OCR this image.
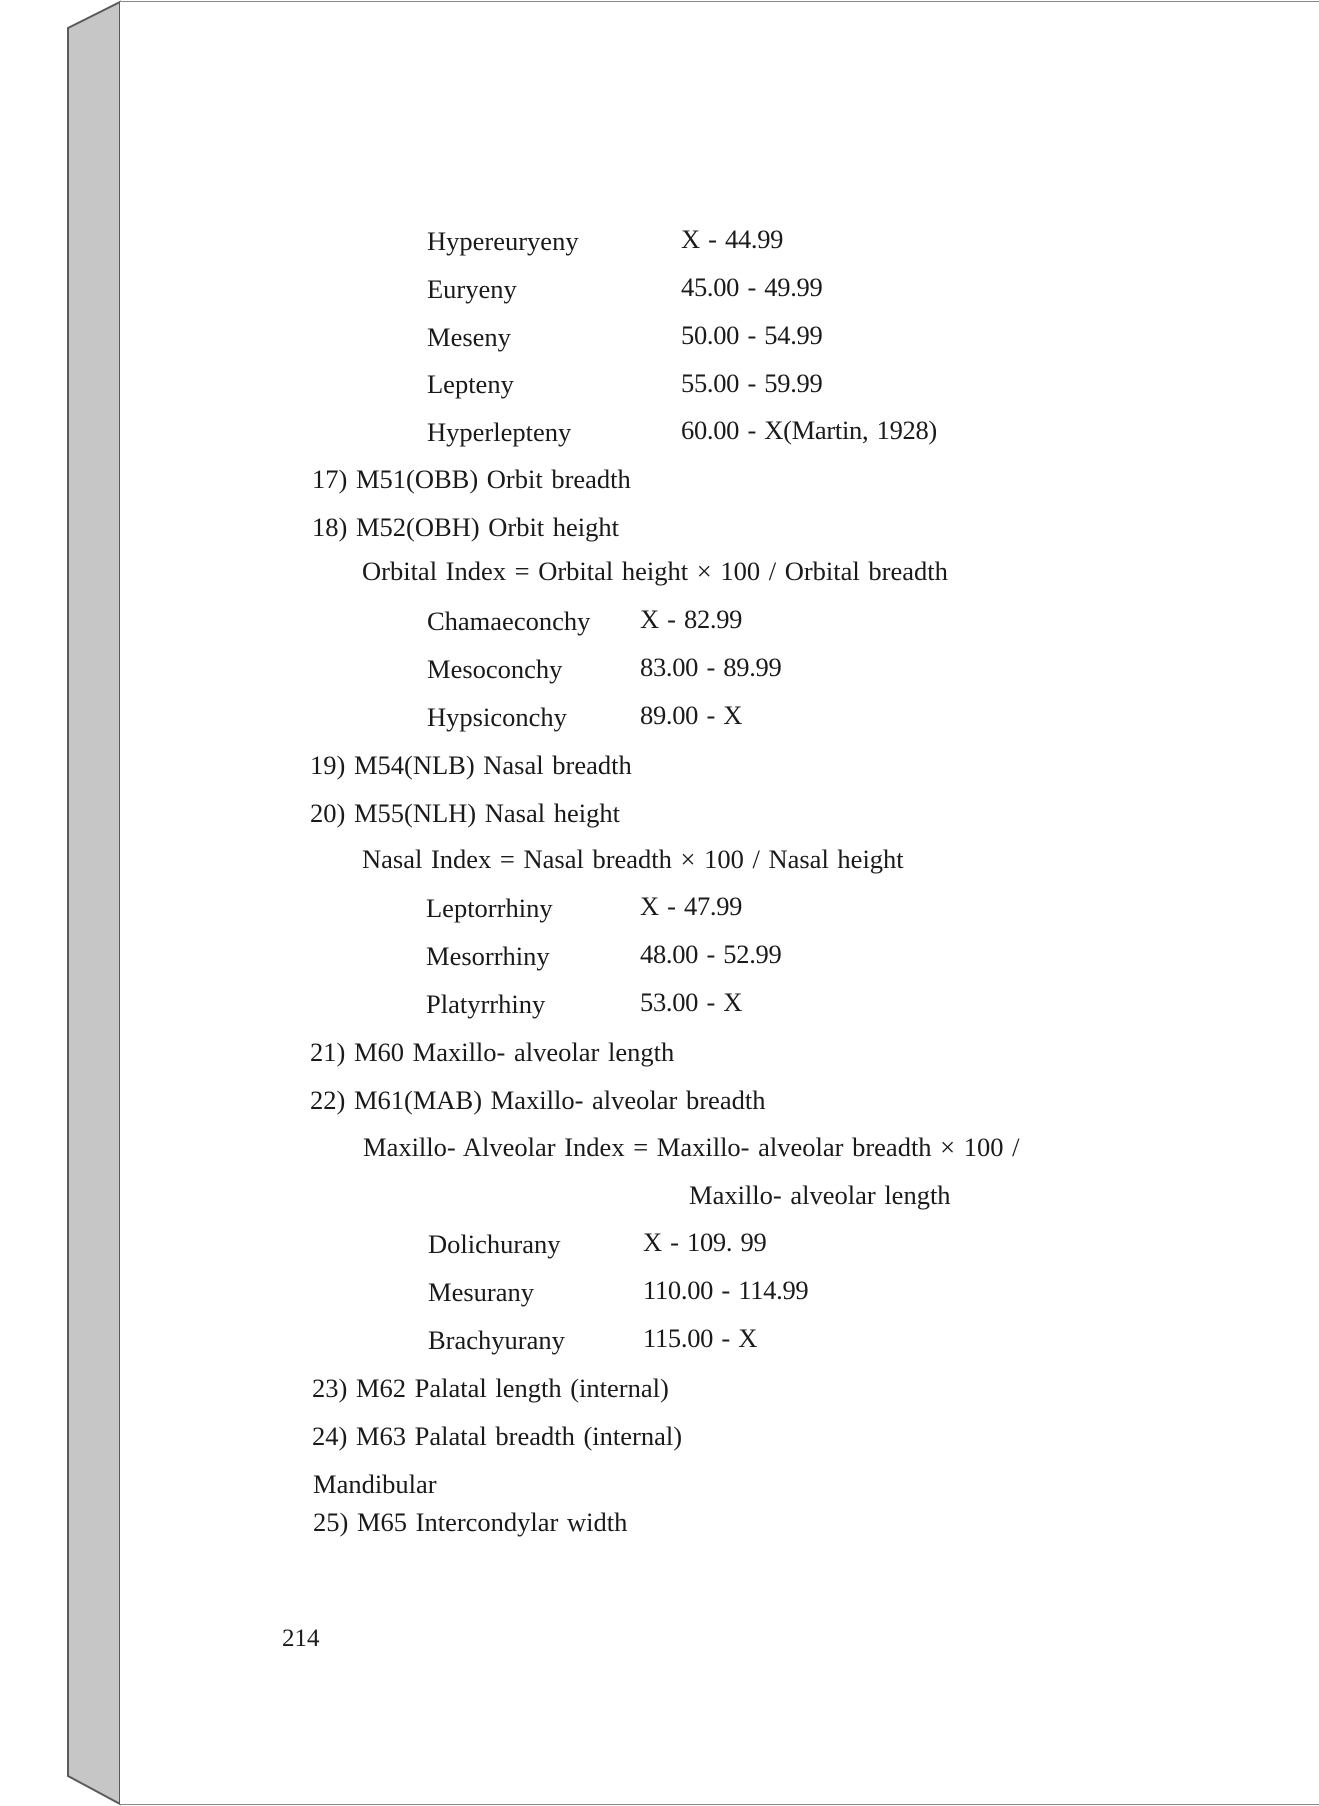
Hypereuryeny	X - 44.99
Euryeny	45.00 - 49.99
Meseny	50.00 - 54.99
Lepteny	55.00 - 59.99
Hyperlepteny	60.00 - X(Martin, 1928)
17) M51(OBB) Orbit breadth
18) M52(OBH) Orbit height
Orbital Index = Orbital height × 100 / Orbital breadth
Chamaeconchy X - 82.99
Mesoconchy	83.00 - 89.99
Hypsiconchy	89.00 - X
19) M54(NLB) Nasal breadth
20) M55(NLH) Nasal height
Nasal Index = Nasal breadth × 100 / Nasal height
Leptorrhiny	X - 47.99
Mesorrhiny	48.00 - 52.99
Platyrrhiny	53.00 - X
21) M60 Maxillo- alveolar length
22) M61(MAB) Maxillo- alveolar breadth
Maxillo- Alveolar Index = Maxillo- alveolar breadth × 100 /
Maxillo- alveolar length
Dolichurany	X - 109. 99
Mesurany	110.00 - 114.99
Brachyurany	115.00 - X
23) M62 Palatal length (internal)
24) M63 Palatal breadth (internal)
Mandibular
25) M65 Intercondylar width
214
